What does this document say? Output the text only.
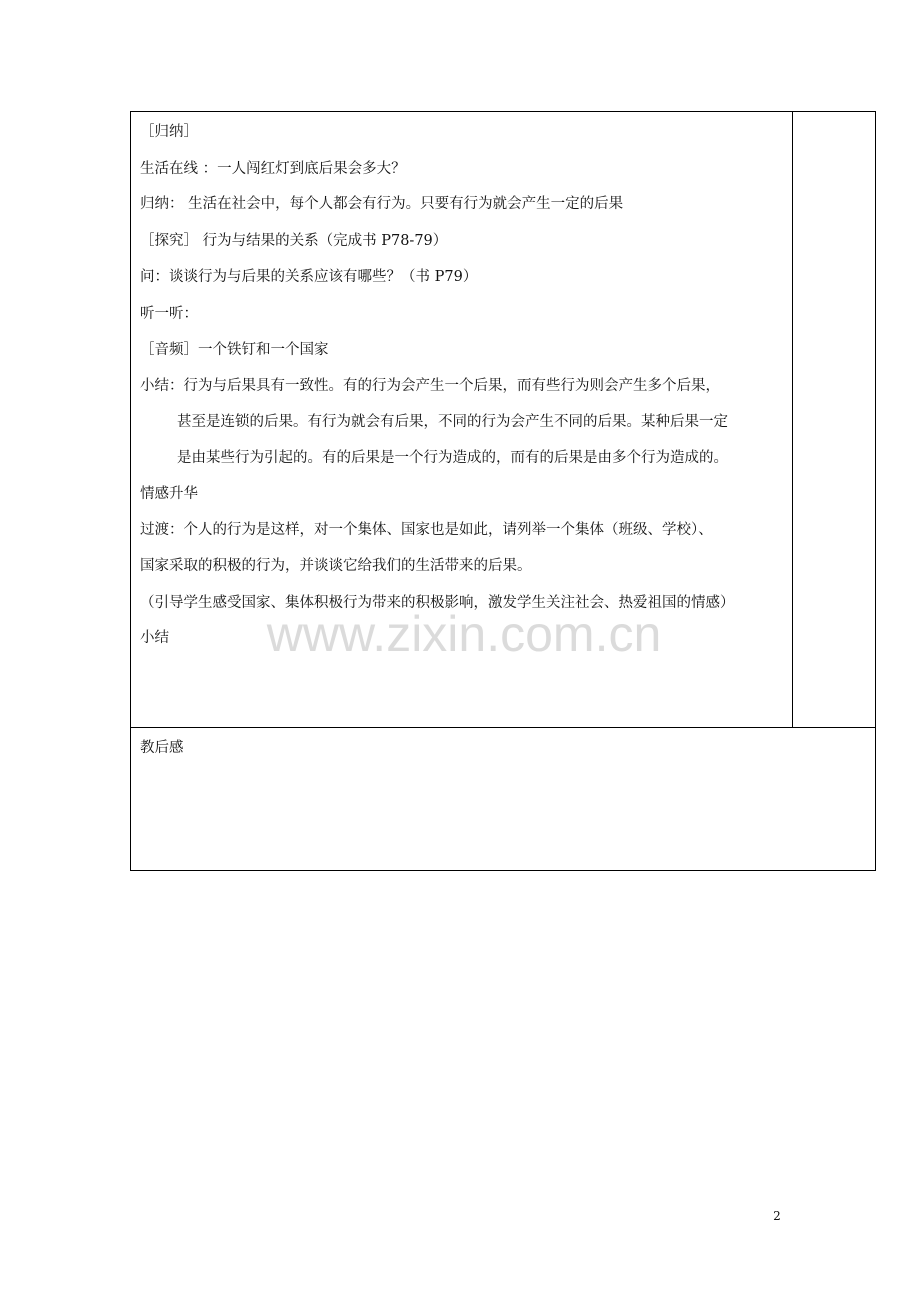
［归纳］
生活在线 ：一人闯红灯到底后果会多大？
归纳： 生活在社会中，每个人都会有行为。只要有行为就会产生一定的后果
［探究］ 行为与结果的关系（完成书 P78-79）
问：谈谈行为与后果的关系应该有哪些？（书 P79）
听一听：
［音频］一个铁钉和一个国家
小结：行为与后果具有一致性。有的行为会产生一个后果，而有些行为则会产生多个后果，
甚至是连锁的后果。有行为就会有后果，不同的行为会产生不同的后果。某种后果一定
是由某些行为引起的。有的后果是一个行为造成的，而有的后果是由多个行为造成的。
情感升华
过渡：个人的行为是这样，对一个集体、国家也是如此，请列举一个集体（班级、学校）、
国家采取的积极的行为，并谈谈它给我们的生活带来的后果。
（引导学生感受国家、集体积极行为带来的积极影响，激发学生关注社会、热爱祖国的情感）
小结
教后感
www.zixin.com.cn
2
